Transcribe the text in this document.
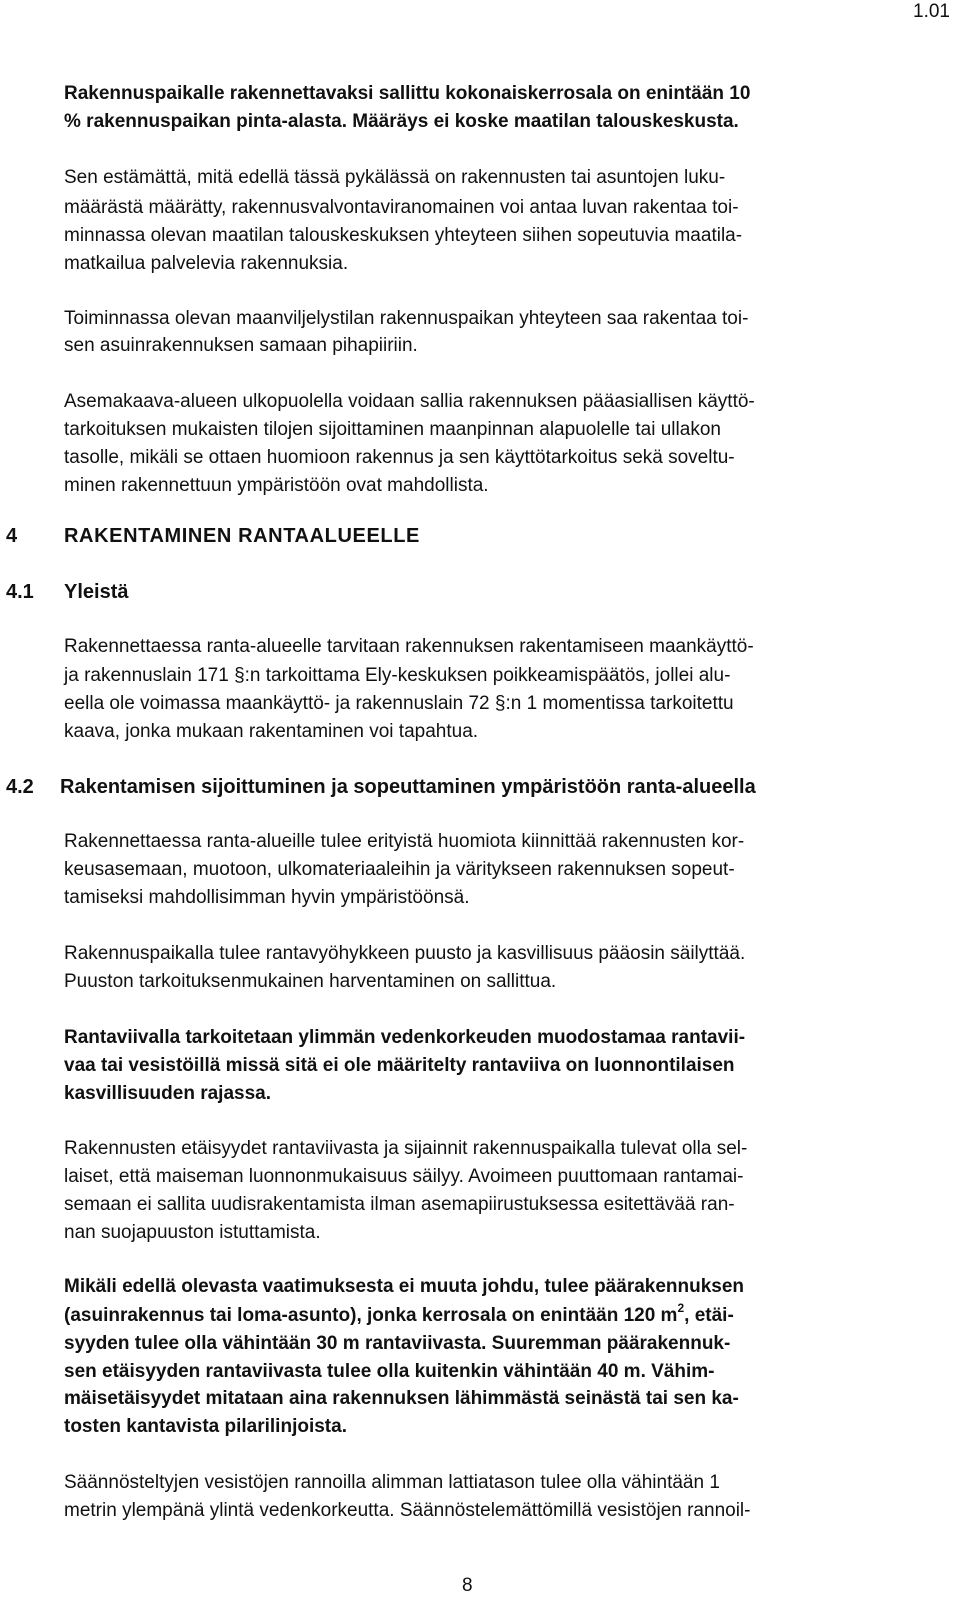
1.01
Rakennuspaikalle rakennettavaksi sallittu kokonaiskerrosala on enintään 10
% rakennuspaikan pinta-alasta. Määräys ei koske maatilan talouskeskusta.
Sen estämättä, mitä edellä tässä pykälässä on rakennusten tai asuntojen luku-
määrästä määrätty, rakennusvalvontaviranomainen voi antaa luvan rakentaa toi-
minnassa olevan maatilan talouskeskuksen yhteyteen siihen sopeutuvia maatila-
matkailua palvelevia rakennuksia.
Toiminnassa olevan maanviljelystilan rakennuspaikan yhteyteen saa rakentaa toi-
sen asuinrakennuksen samaan pihapiiriin.
Asemakaava-alueen ulkopuolella voidaan sallia rakennuksen pääasiallisen käyttö-
tarkoituksen mukaisten tilojen sijoittaminen maanpinnan alapuolelle tai ullakon
tasolle, mikäli se ottaen huomioon rakennus ja sen käyttötarkoitus sekä soveltu-
minen rakennettuun ympäristöön ovat mahdollista.
4 RAKENTAMINEN RANTAALUEELLE
4.1 Yleistä
Rakennettaessa ranta-alueelle tarvitaan rakennuksen rakentamiseen maankäyttö-
ja rakennuslain 171 §:n tarkoittama Ely-keskuksen poikkeamispäätös, jollei alu-
eella ole voimassa maankäyttö- ja rakennuslain 72 §:n 1 momentissa tarkoitettu
kaava, jonka mukaan rakentaminen voi tapahtua.
4.2 Rakentamisen sijoittuminen ja sopeuttaminen ympäristöön ranta-alueella
Rakennettaessa ranta-alueille tulee erityistä huomiota kiinnittää rakennusten kor-
keusasemaan, muotoon, ulkomateriaaleihin ja väritykseen rakennuksen sopeut-
tamiseksi mahdollisimman hyvin ympäristöönsä.
Rakennuspaikalla tulee rantavyöhykkeen puusto ja kasvillisuus pääosin säilyttää.
Puuston tarkoituksenmukainen harventaminen on sallittua.
Rantaviivalla tarkoitetaan ylimmän vedenkorkeuden muodostamaa rantavii-
vaa tai vesistöillä missä sitä ei ole määritelty rantaviiva on luonnontilaisen
kasvillisuuden rajassa.
Rakennusten etäisyydet rantaviivasta ja sijainnit rakennuspaikalla tulevat olla sel-
laiset, että maiseman luonnonmukaisuus säilyy. Avoimeen puuttomaan rantamai-
semaan ei sallita uudisrakentamista ilman asemapiirustuksessa esitettävää ran-
nan suojapuuston istuttamista.
Mikäli edellä olevasta vaatimuksesta ei muuta johdu, tulee päärakennuksen
(asuinrakennus tai loma-asunto), jonka kerrosala on enintään 120 $m^2$, etäi-
syyden tulee olla vähintään 30 m rantaviivasta. Suuremman päärakennuk-
sen etäisyyden rantaviivasta tulee olla kuitenkin vähintään 40 m. Vähim-
mäisetäisyydet mitataan aina rakennuksen lähimmästä seinästä tai sen ka-
tosten kantavista pilarilinjoista.
Säännösteltyjen vesistöjen rannoilla alimman lattiatason tulee olla vähintään 1
metrin ylempänä ylintä vedenkorkeutta. Säännöstelemättömillä vesistöjen rannoil-
8
